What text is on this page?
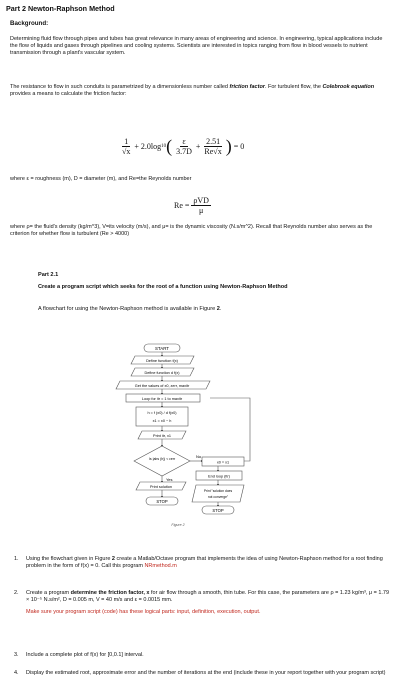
Part 2 Newton-Raphson Method
Background:
Determining fluid flow through pipes and tubes has great relevance in many areas of engineering and science. In engineering, typical applications include the flow of liquids and gases through pipelines and cooling systems. Scientists are interested in topics ranging from flow in blood vessels to nutrient transmission through a plant's vascular system.
The resistance to flow in such conduits is parametrized by a dimensionless number called friction factor. For turbulent flow, the Colebrook equation provides a means to calculate the friction factor:
$\frac{1}{√x} + 2.0\log$ 10 ( $\frac{\varepsilon}{3.7D} + \frac{2.51}{Re√x}$ ) = 0
where ε = roughness (m), D = diameter (m), and Re=the Reynolds number
$Re = \frac{\text{ρVD}}{\mu}$
where ρ= the fluid's density (kg/m^3), V=its velocity (m/s), and μ= is the dynamic viscosity (N.s/m^2). Recall that Reynolds number also serves as the criterion for whether flow is turbulent (Re > 4000)
Part 2.1
Create a program script which seeks for the root of a function using Newton-Raphson Method
A flowchart for using the Newton-Raphson method is available in Figure 2.
START
Define function f(x)
Define function d f(x)
Get the values of x0, εerr, maxitr
Loop for itr = 1 to maxitr
h = f (x0) / d f(x0)
x1 = x0 − h
Print itr, x1
Is |abs (h)| < εerr	No
Yes
Print solution
STOP
x0 = x1
End loop (itr)
Print "solution does
not converge"
STOP
Figure 2
1. Using the flowchart given in Figure 2 create a Matlab/Octave program that implements the idea of using Newton-Raphson method for a root finding problem in the form of f(x) = 0. Call this program NRmethod.m
2. Create a program determine the friction factor, x for air flow through a smooth, thin tube. For this case, the parameters are ρ = 1.23 kg/m³, μ = 1.79 × 10⁻⁵ N.s/m², D = 0.005 m, V = 40 m/s and ε = 0.0015 mm.
Make sure your program script (code) has these logical parts: input, definition, execution, output.
3. Include a complete plot of f(x) for [0,0.1] interval.
4. Display the estimated root, approximate error and the number of iterations at the end (include these in your report together with your program script)
